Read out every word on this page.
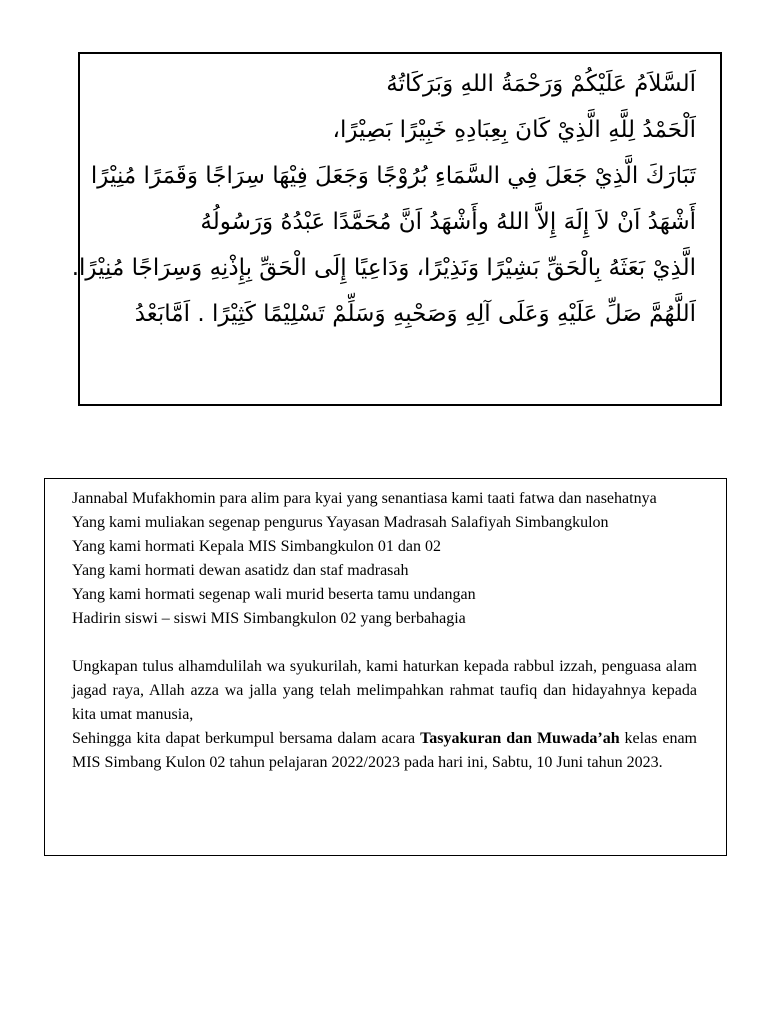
اَلسَّلاَمُ عَلَيْكُمْ وَرَحْمَةُ اللهِ وَبَرَكَاتُهُ
اَلْحَمْدُ لِلَّهِ الَّذِيْ كَانَ بِعِبَادِهِ خَبِيْرًا بَصِيْرًا،
تَبَارَكَ الَّذِيْ جَعَلَ فِي السَّمَاءِ بُرُوْجًا وَجَعَلَ فِيْهَا سِرَاجًا وَقَمَرًا مُنِيْرًا
أَشْهَدُ اَنْ لاَ إِلَهَ إِلاَّ اللهُ وأَشْهَدُ اَنَّ مُحَمَّدًا عَبْدُهُ وَرَسُولُهُ
الَّذِيْ بَعَثَهُ بِالْحَقِّ بَشِيْرًا وَنَذِيْرًا، وَدَاعِيًا إِلَى الْحَقِّ بِإِذْنِهِ وَسِرَاجًا مُنِيْرًا.
اَللَّهُمَّ صَلِّ عَلَيْهِ وَعَلَى آلِهِ وَصَحْبِهِ وَسَلِّمْ تَسْلِيْمًا كَثِيْرًا . اَمَّابَعْدُ

Jannabal Mufakhomin para alim para kyai yang senantiasa kami taati fatwa dan nasehatnya

Yang kami muliakan segenap pengurus Yayasan Madrasah Salafiyah Simbangkulon

Yang kami hormati Kepala MIS Simbangkulon 01 dan 02

Yang kami hormati dewan asatidz dan staf madrasah

Yang kami hormati segenap wali murid beserta tamu undangan

Hadirin siswi – siswi MIS Simbangkulon 02 yang berbahagia

Ungkapan tulus alhamdulilah wa syukurilah, kami haturkan kepada rabbul izzah, penguasa alam jagad raya, Allah azza wa jalla yang telah melimpahkan rahmat taufiq dan hidayahnya kepada kita umat manusia,

Sehingga kita dapat berkumpul bersama dalam acara Tasyakuran dan Muwada’ah kelas enam MIS Simbang Kulon 02 tahun pelajaran 2022/2023 pada hari ini, Sabtu, 10 Juni tahun 2023.
